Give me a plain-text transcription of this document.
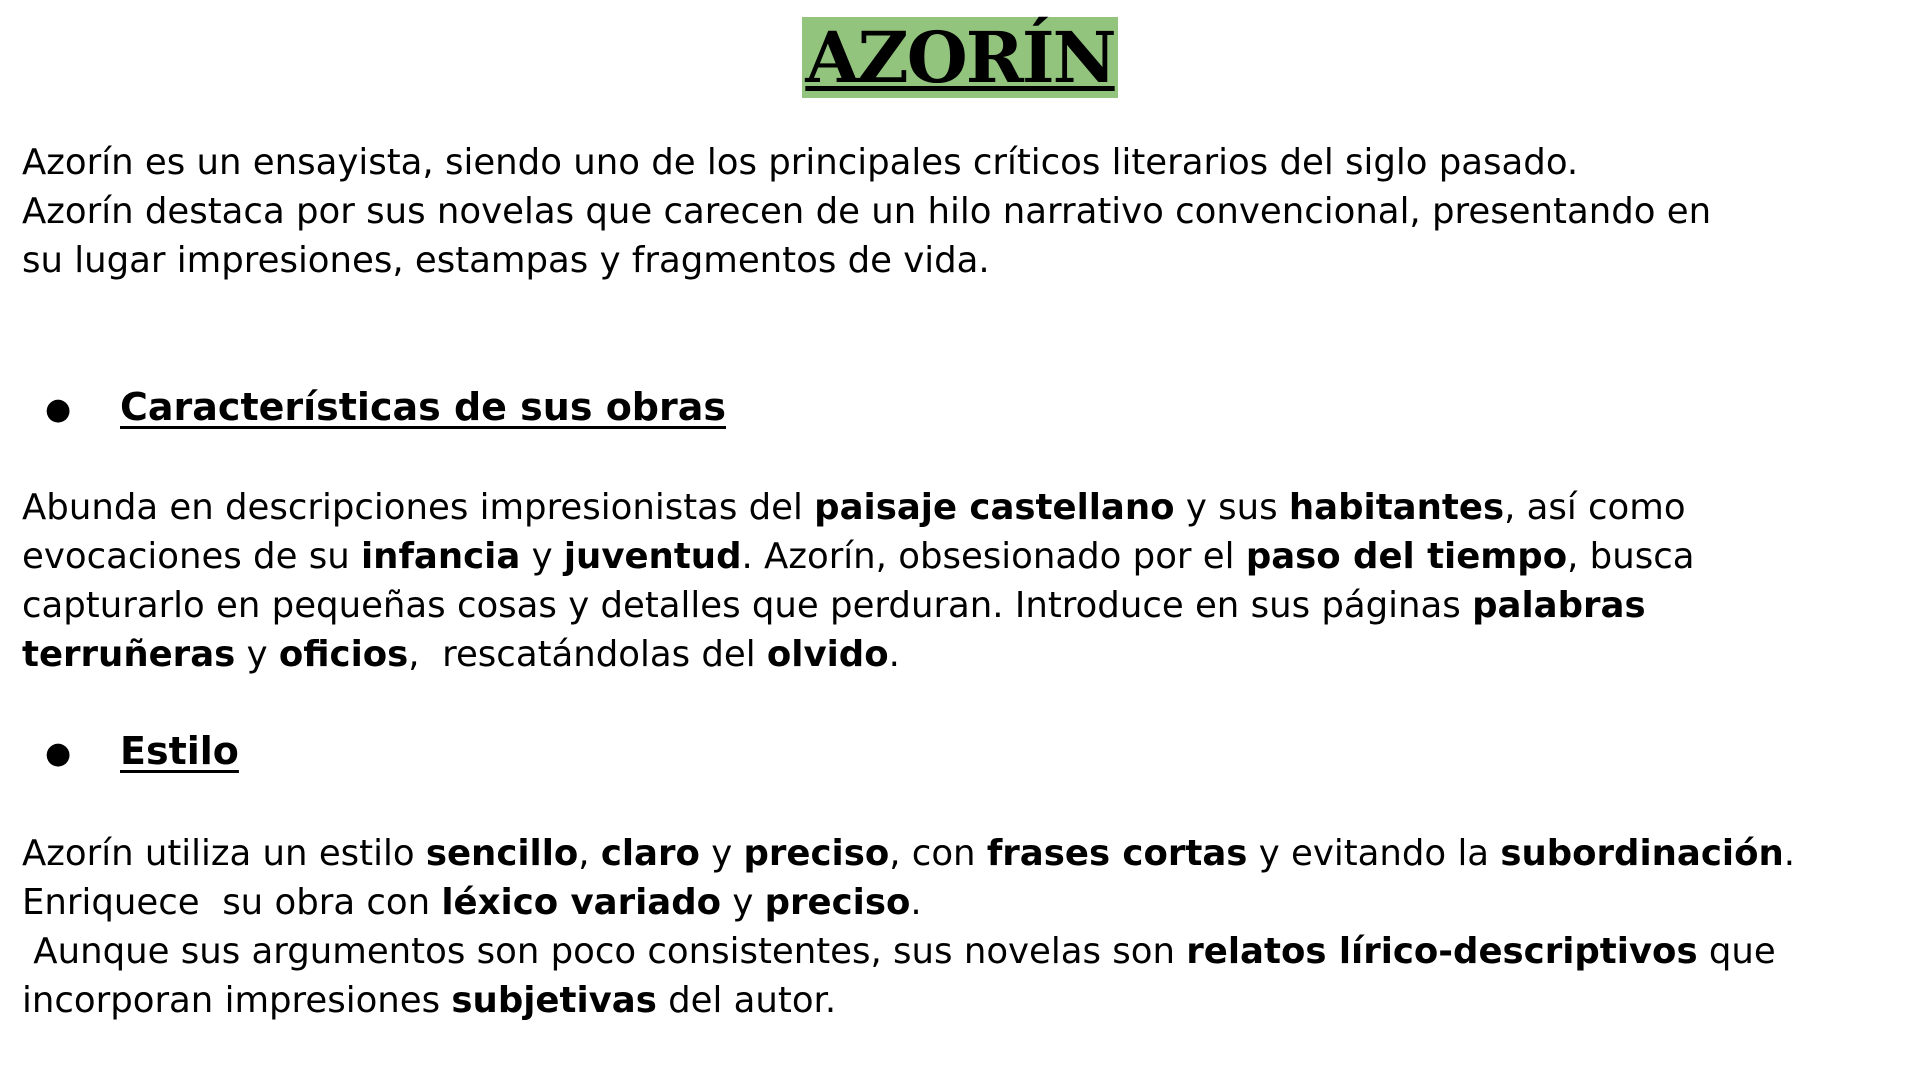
AZORÍN

Azorín es un ensayista, siendo uno de los principales críticos literarios del siglo pasado.
Azorín destaca por sus novelas que carecen de un hilo narrativo convencional, presentando en
su lugar impresiones, estampas y fragmentos de vida.

● Características de sus obras

Abunda en descripciones impresionistas del paisaje castellano y sus habitantes, así como
evocaciones de su infancia y juventud. Azorín, obsesionado por el paso del tiempo, busca
capturarlo en pequeñas cosas y detalles que perduran. Introduce en sus páginas palabras
terruñeras y oficios,  rescatándolas del olvido.

● Estilo

Azorín utiliza un estilo sencillo, claro y preciso, con frases cortas y evitando la subordinación.
Enriquece  su obra con léxico variado y preciso.
Aunque sus argumentos son poco consistentes, sus novelas son relatos lírico-descriptivos que
incorporan impresiones subjetivas del autor.
